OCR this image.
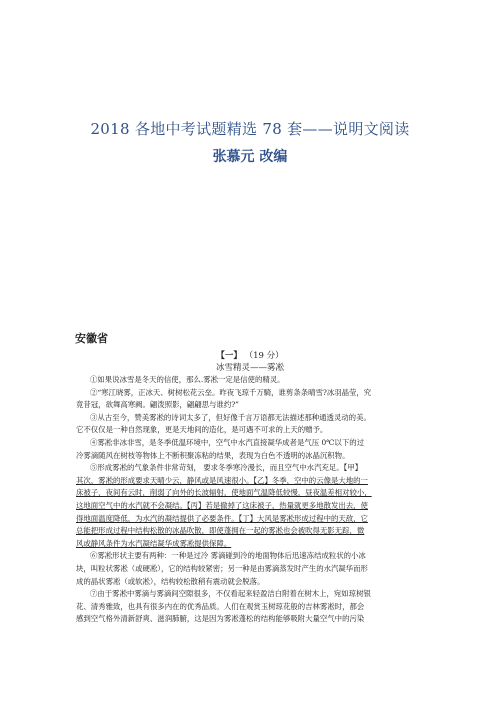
2018 各地中考试题精选 78 套——说明文阅读
张慕元 改编
安徽省
【一】 （19 分）
冰雪精灵——雾凇
①如果说冰雪是冬天的信使，那么.雾凇一定是信使的精灵。
②“寒江晓雾，正冰天、树树松花云垒。昨夜飞琼千万騎，谁剪条条晴雪?冰羽晶莹，究
竟昔冠，欲舞高寒阙。翩泼照影，翩翩思与谁约?”
③从古至今，赞美雾凇的诗词太多了，但好像千言万语都无法描述那种通透灵动的美。
它不仅仅是一种自然现象，更是天地间的造化，是可遇不可求的上天的赠予。
④雾凇非冰非雪，是冬季低温环境中，空气中水汽直接凝华成者是气压 0℃以下的过
冷雾滴随风在树枝等物体上不断积聚冻粘的结果，表现为白色不透明的冰晶沉积物。
⑤形成雾凇的气象条件非常苛刻， 要求冬季寒冷漫长，而且空气中水汽充足。【甲】
其次，雾凇的形成要求天晴少云，静风或是风速很小。【乙】冬季，空中的云像是大地的一
床被子，夜间有云时，削弱了向外的长波辐射，使地面气温降低较慢，昼夜温差相对较小，
这地面空气中的水汽就不会凝结。【丙】若是撤掉了这床被子，热量就更多地散发出去，使
得地面温度降低，为水汽的凝结提供了必要条件。【丁】大风是雾凇形成过程中的天敌，它
总能把形成过程中结构松散的冰晶吹散，即使蓬拥在一起的雾凇也会被吹得无影无踪，微
风或静风条件为水汽凝结凝华成雾凇提供保障。
⑥雾凇形状主要有两种：一种是过冷 雾滴碰到冷的地面物体后迅速冻结成粒状的小冰
块，叫粒状雾凇（或硬凇），它的结构较紧密；另一种是由雾滴蒸发时产生的水汽凝华而形
成的晶状雾凇（或软凇），结构较松散稍有震动就会脱落。
⑦由于雾凇中雾滴与雾滴间空隙很多，不仅看起来轻盈洁白附着在树木上，宛如琼树银
花、清秀雅致，也具有很多内在的优秀品质。人们在观赏玉树琼花般的吉林雾凇时，都会
感到空气格外清新舒爽、滋润肺腑，这是因为雾凇蓬松的结构能够吸附大量空气中的污染
